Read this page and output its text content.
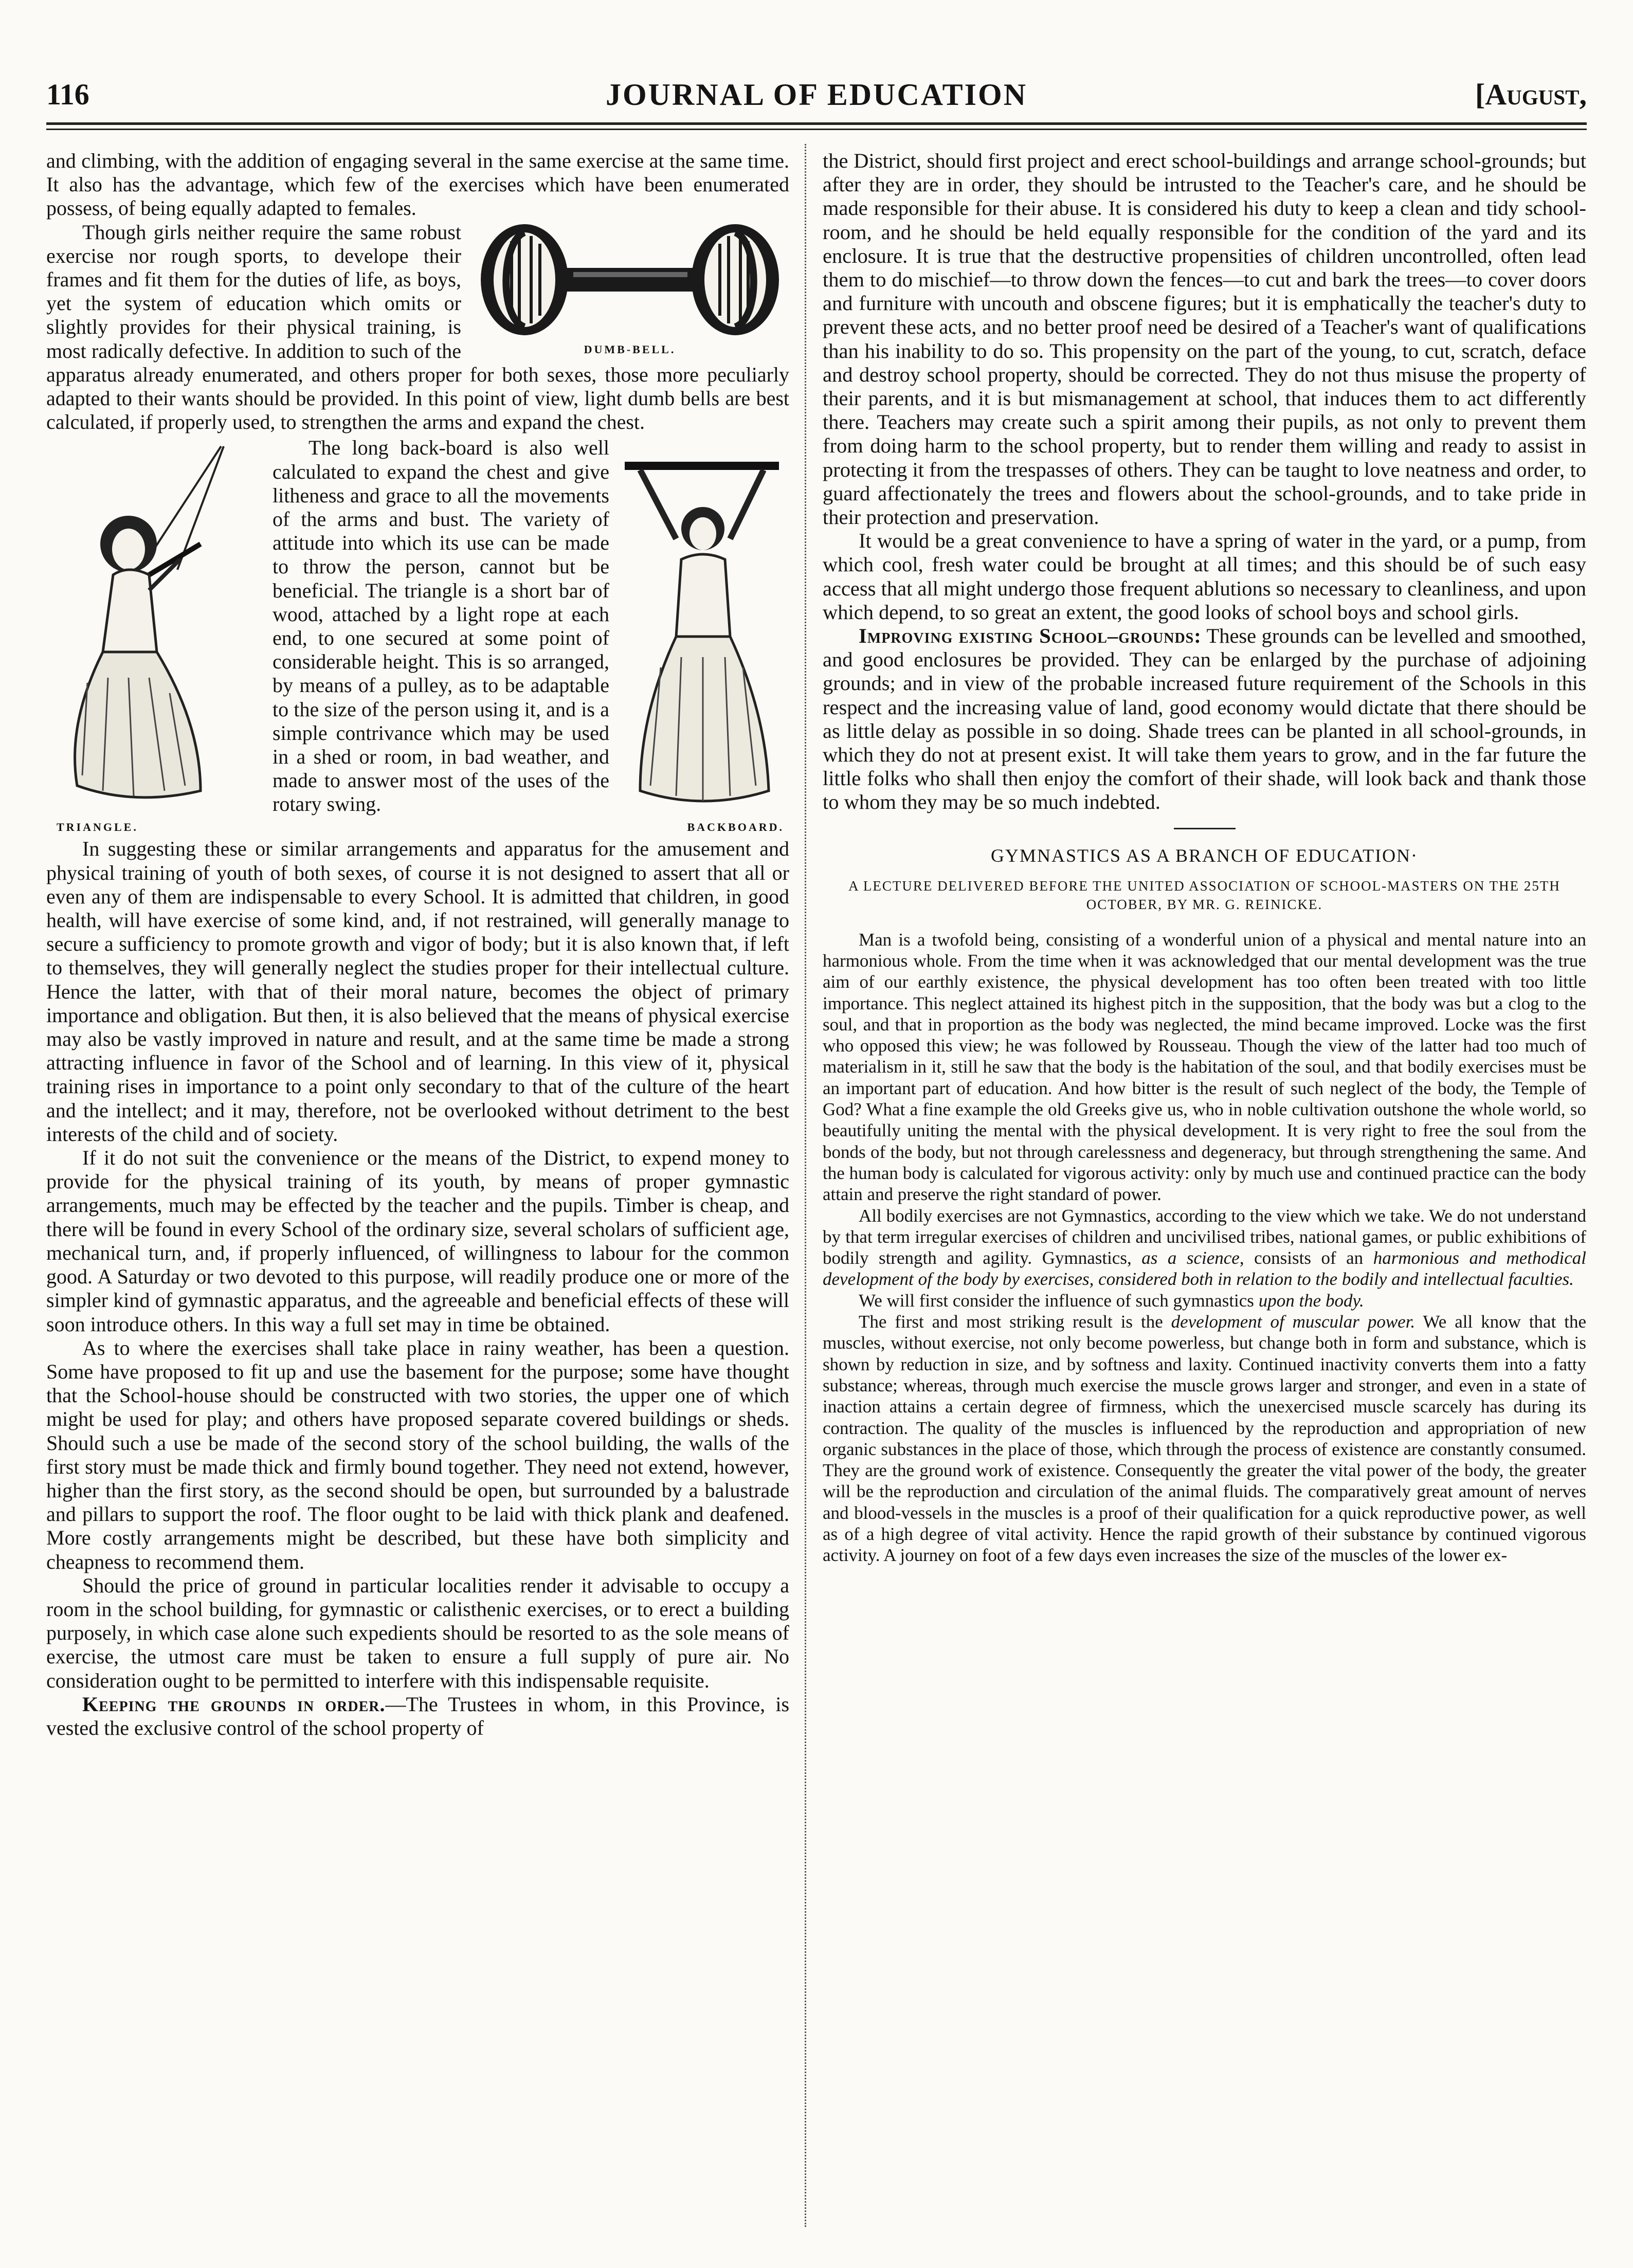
116	JOURNAL OF EDUCATION	[August,

and climbing, with the addition of engaging several in the same exercise at the same time. It also has the advantage, which few of the exercises which have been enumerated possess, of being equally adapted to females.

DUMB-BELL.

Though girls neither require the same robust exercise nor rough sports, to develope their frames and fit them for the duties of life, as boys, yet the system of education which omits or slightly provides for their physical training, is most radically defective. In addition to such of the apparatus already enumerated, and others proper for both sexes, those more peculiarly adapted to their wants should be provided. In this point of view, light dumb bells are best calculated, if properly used, to strengthen the arms and expand the chest.

TRIANGLE.	BACKBOARD.

The long back-board is also well calculated to expand the chest and give litheness and grace to all the movements of the arms and bust. The variety of attitude into which its use can be made to throw the person, cannot but be beneficial. The triangle is a short bar of wood, attached by a light rope at each end, to one secured at some point of considerable height. This is so arranged, by means of a pulley, as to be adaptable to the size of the person using it, and is a simple contrivance which may be used in a shed or room, in bad weather, and made to answer most of the uses of the rotary swing.

In suggesting these or similar arrangements and apparatus for the amusement and physical training of youth of both sexes, of course it is not designed to assert that all or even any of them are indispensable to every School. It is admitted that children, in good health, will have exercise of some kind, and, if not restrained, will generally manage to secure a sufficiency to promote growth and vigor of body; but it is also known that, if left to themselves, they will generally neglect the studies proper for their intellectual culture. Hence the latter, with that of their moral nature, becomes the object of primary importance and obligation. But then, it is also believed that the means of physical exercise may also be vastly improved in nature and result, and at the same time be made a strong attracting influence in favor of the School and of learning. In this view of it, physical training rises in importance to a point only secondary to that of the culture of the heart and the intellect; and it may, therefore, not be overlooked without detriment to the best interests of the child and of society.

If it do not suit the convenience or the means of the District, to expend money to provide for the physical training of its youth, by means of proper gymnastic arrangements, much may be effected by the teacher and the pupils. Timber is cheap, and there will be found in every School of the ordinary size, several scholars of sufficient age, mechanical turn, and, if properly influenced, of willingness to labour for the common good. A Saturday or two devoted to this purpose, will readily produce one or more of the simpler kind of gymnastic apparatus, and the agreeable and beneficial effects of these will soon introduce others. In this way a full set may in time be obtained.

As to where the exercises shall take place in rainy weather, has been a question. Some have proposed to fit up and use the basement for the purpose; some have thought that the School-house should be constructed with two stories, the upper one of which might be used for play; and others have proposed separate covered buildings or sheds. Should such a use be made of the second story of the school building, the walls of the first story must be made thick and firmly bound together. They need not extend, however, higher than the first story, as the second should be open, but surrounded by a balustrade and pillars to support the roof. The floor ought to be laid with thick plank and deafened. More costly arrangements might be described, but these have both simplicity and cheapness to recommend them.

Should the price of ground in particular localities render it advisable to occupy a room in the school building, for gymnastic or calisthenic exercises, or to erect a building purposely, in which case alone such expedients should be resorted to as the sole means of exercise, the utmost care must be taken to ensure a full supply of pure air. No consideration ought to be permitted to interfere with this indispensable requisite.

Keeping the grounds in order.—The Trustees in whom, in this Province, is vested the exclusive control of the school property of

the District, should first project and erect school-buildings and arrange school-grounds; but after they are in order, they should be intrusted to the Teacher's care, and he should be made responsible for their abuse. It is considered his duty to keep a clean and tidy school-room, and he should be held equally responsible for the condition of the yard and its enclosure. It is true that the destructive propensities of children uncontrolled, often lead them to do mischief—to throw down the fences—to cut and bark the trees—to cover doors and furniture with uncouth and obscene figures; but it is emphatically the teacher's duty to prevent these acts, and no better proof need be desired of a Teacher's want of qualifications than his inability to do so. This propensity on the part of the young, to cut, scratch, deface and destroy school property, should be corrected. They do not thus misuse the property of their parents, and it is but mismanagement at school, that induces them to act differently there. Teachers may create such a spirit among their pupils, as not only to prevent them from doing harm to the school property, but to render them willing and ready to assist in protecting it from the trespasses of others. They can be taught to love neatness and order, to guard affectionately the trees and flowers about the school-grounds, and to take pride in their protection and preservation.

It would be a great convenience to have a spring of water in the yard, or a pump, from which cool, fresh water could be brought at all times; and this should be of such easy access that all might undergo those frequent ablutions so necessary to cleanliness, and upon which depend, to so great an extent, the good looks of school boys and school girls.

Improving existing School–grounds: These grounds can be levelled and smoothed, and good enclosures be provided. They can be enlarged by the purchase of adjoining grounds; and in view of the probable increased future requirement of the Schools in this respect and the increasing value of land, good economy would dictate that there should be as little delay as possible in so doing. Shade trees can be planted in all school-grounds, in which they do not at present exist. It will take them years to grow, and in the far future the little folks who shall then enjoy the comfort of their shade, will look back and thank those to whom they may be so much indebted.

GYMNASTICS AS A BRANCH OF EDUCATION·
A LECTURE DELIVERED BEFORE THE UNITED ASSOCIATION OF SCHOOL-MASTERS ON THE 25TH OCTOBER, BY MR. G. REINICKE.

Man is a twofold being, consisting of a wonderful union of a physical and mental nature into an harmonious whole. From the time when it was acknowledged that our mental development was the true aim of our earthly existence, the physical development has too often been treated with too little importance. This neglect attained its highest pitch in the supposition, that the body was but a clog to the soul, and that in proportion as the body was neglected, the mind became improved. Locke was the first who opposed this view; he was followed by Rousseau. Though the view of the latter had too much of materialism in it, still he saw that the body is the habitation of the soul, and that bodily exercises must be an important part of education. And how bitter is the result of such neglect of the body, the Temple of God? What a fine example the old Greeks give us, who in noble cultivation outshone the whole world, so beautifully uniting the mental with the physical development. It is very right to free the soul from the bonds of the body, but not through carelessness and degeneracy, but through strengthening the same. And the human body is calculated for vigorous activity: only by much use and continued practice can the body attain and preserve the right standard of power.

All bodily exercises are not Gymnastics, according to the view which we take. We do not understand by that term irregular exercises of children and uncivilised tribes, national games, or public exhibitions of bodily strength and agility. Gymnastics, as a science, consists of an harmonious and methodical development of the body by exercises, considered both in relation to the bodily and intellectual faculties.

We will first consider the influence of such gymnastics upon the body.

The first and most striking result is the development of muscular power. We all know that the muscles, without exercise, not only become powerless, but change both in form and substance, which is shown by reduction in size, and by softness and laxity. Continued inactivity converts them into a fatty substance; whereas, through much exercise the muscle grows larger and stronger, and even in a state of inaction attains a certain degree of firmness, which the unexercised muscle scarcely has during its contraction. The quality of the muscles is influenced by the reproduction and appropriation of new organic substances in the place of those, which through the process of existence are constantly consumed. They are the ground work of existence. Consequently the greater the vital power of the body, the greater will be the reproduction and circulation of the animal fluids. The comparatively great amount of nerves and blood-vessels in the muscles is a proof of their qualification for a quick reproductive power, as well as of a high degree of vital activity. Hence the rapid growth of their substance by continued vigorous activity. A journey on foot of a few days even increases the size of the muscles of the lower ex-
